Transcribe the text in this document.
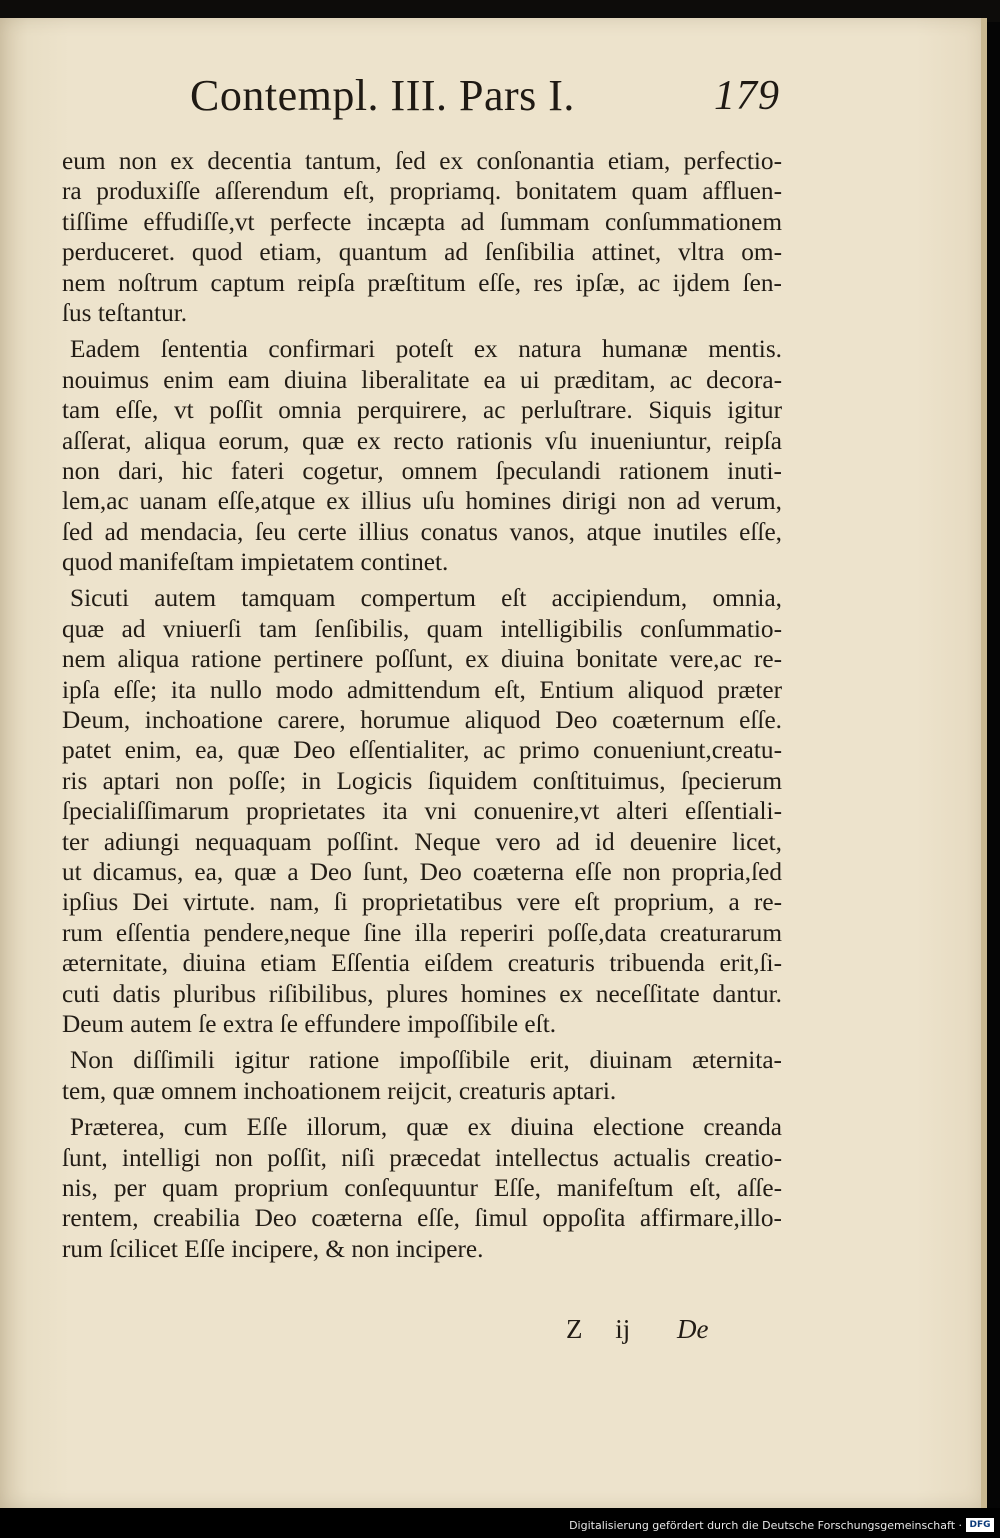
Contempl. III. Pars I.	179
eum non ex decentia tantum, ſed ex conſonantia etiam, perfectio-
ra produxiſſe aſſerendum eſt, propriamq. bonitatem quam affluen-
tiſſime effudiſſe,vt perfecte incæpta ad ſummam conſummationem
perduceret. quod etiam, quantum ad ſenſibilia attinet, vltra om-
nem noſtrum captum reipſa præſtitum eſſe, res ipſæ, ac ijdem ſen-
ſus teſtantur.
Eadem ſententia confirmari poteſt ex natura humanæ mentis.
nouimus enim eam diuina liberalitate ea ui præditam, ac decora-
tam eſſe, vt poſſit omnia perquirere, ac perluſtrare. Siquis igitur
aſſerat, aliqua eorum, quæ ex recto rationis vſu inueniuntur, reipſa
non dari, hic fateri cogetur, omnem ſpeculandi rationem inuti-
lem,ac uanam eſſe,atque ex illius uſu homines dirigi non ad verum,
ſed ad mendacia, ſeu certe illius conatus vanos, atque inutiles eſſe,
quod manifeſtam impietatem continet.
Sicuti autem tamquam compertum eſt accipiendum, omnia,
quæ ad vniuerſi tam ſenſibilis, quam intelligibilis conſummatio-
nem aliqua ratione pertinere poſſunt, ex diuina bonitate vere,ac re-
ipſa eſſe; ita nullo modo admittendum eſt, Entium aliquod præter
Deum, inchoatione carere, horumue aliquod Deo coæternum eſſe.
patet enim, ea, quæ Deo eſſentialiter, ac primo conueniunt,creatu-
ris aptari non poſſe; in Logicis ſiquidem conſtituimus, ſpecierum
ſpecialiſſimarum proprietates ita vni conuenire,vt alteri eſſentiali-
ter adiungi nequaquam poſſint. Neque vero ad id deuenire licet,
ut dicamus, ea, quæ a Deo ſunt, Deo coæterna eſſe non propria,ſed
ipſius Dei virtute. nam, ſi proprietatibus vere eſt proprium, a re-
rum eſſentia pendere,neque ſine illa reperiri poſſe,data creaturarum
æternitate, diuina etiam Eſſentia eiſdem creaturis tribuenda erit,ſi-
cuti datis pluribus riſibilibus, plures homines ex neceſſitate dantur.
Deum autem ſe extra ſe effundere impoſſibile eſt.
Non diſſimili igitur ratione impoſſibile erit, diuinam æternita-
tem, quæ omnem inchoationem reijcit, creaturis aptari.
Præterea, cum Eſſe illorum, quæ ex diuina electione creanda
ſunt, intelligi non poſſit, niſi præcedat intellectus actualis creatio-
nis, per quam proprium conſequuntur Eſſe, manifeſtum eſt, aſſe-
rentem, creabilia Deo coæterna eſſe, ſimul oppoſita affirmare,illo-
rum ſcilicet Eſſe incipere, & non incipere.
Z ij De
Digitalisierung gefördert durch die Deutsche Forschungsgemeinschaft · DFG
